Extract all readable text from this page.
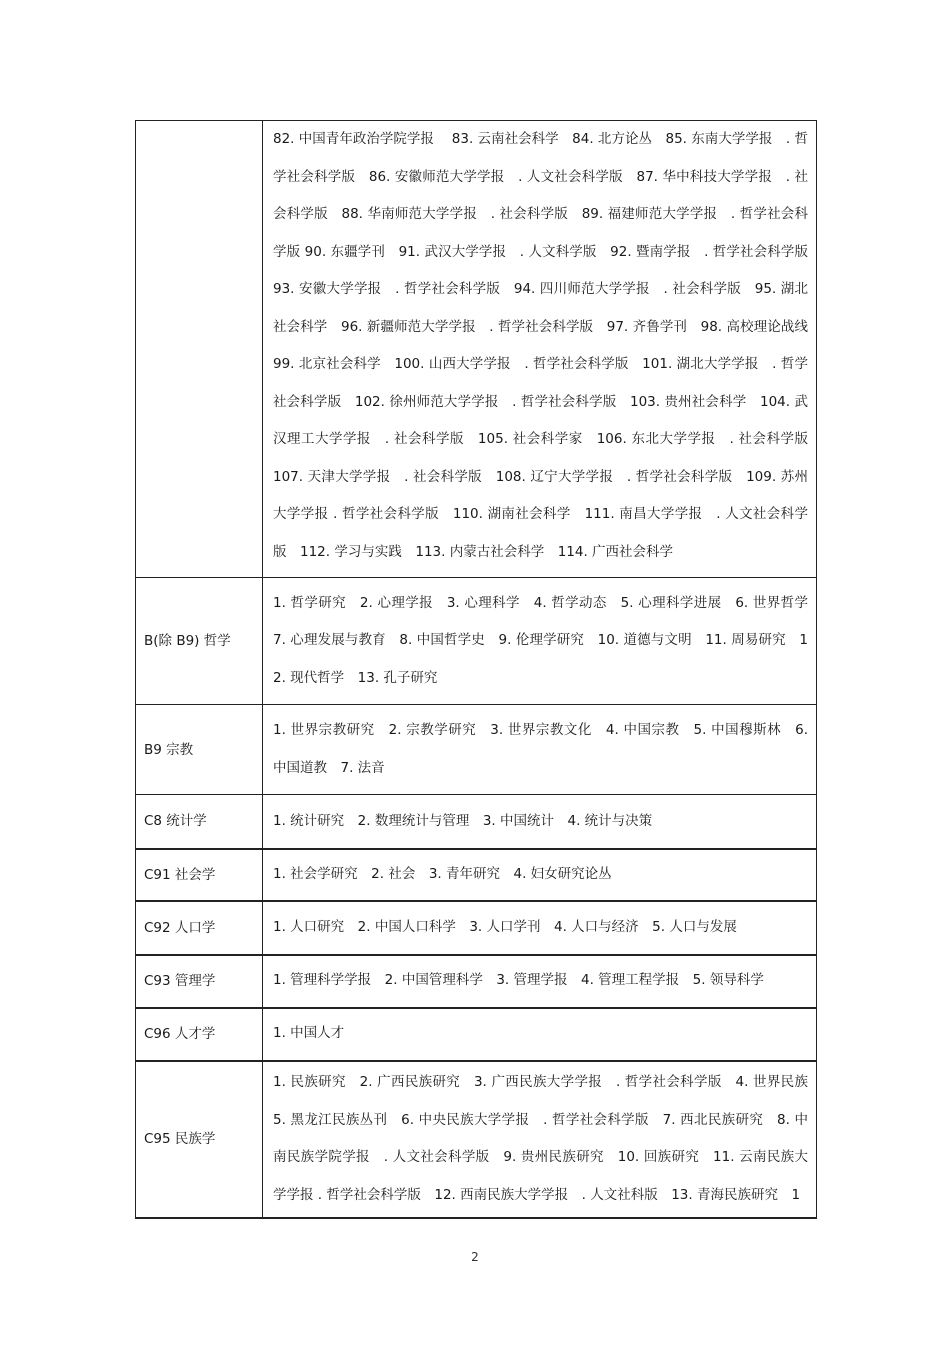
	82. 中国青年政治学院学报　 83. 云南社会科学　84. 北方论丛　85. 东南大学学报　. 哲学社会科学版　86. 安徽师范大学学报　. 人文社会科学版　87. 华中科技大学学报　. 社会科学版　88. 华南师范大学学报　. 社会科学版　89. 福建师范大学学报　. 哲学社会科学版 90. 东疆学刊　91. 武汉大学学报　. 人文科学版　92. 暨南学报　. 哲学社会科学版　93. 安徽大学学报　. 哲学社会科学版　94. 四川师范大学学报　. 社会科学版　95. 湖北社会科学　96. 新疆师范大学学报　. 哲学社会科学版　97. 齐鲁学刊　98. 高校理论战线　99. 北京社会科学　100. 山西大学学报　. 哲学社会科学版　101. 湖北大学学报　. 哲学社会科学版　102. 徐州师范大学学报　. 哲学社会科学版　103. 贵州社会科学　104. 武汉理工大学学报　. 社会科学版　105. 社会科学家　106. 东北大学学报　. 社会科学版　107. 天津大学学报　. 社会科学版　108. 辽宁大学学报　. 哲学社会科学版　109. 苏州大学学报 . 哲学社会科学版　110. 湖南社会科学　111. 南昌大学学报　. 人文社会科学版　112. 学习与实践　113. 内蒙古社会科学　114. 广西社会科学
B(除 B9) 哲学	1. 哲学研究　2. 心理学报　3. 心理科学　4. 哲学动态　5. 心理科学进展　6. 世界哲学　7. 心理发展与教育　8. 中国哲学史　9. 伦理学研究　10. 道德与文明　11. 周易研究　12. 现代哲学　13. 孔子研究
B9 宗教	1. 世界宗教研究　2. 宗教学研究　3. 世界宗教文化　4. 中国宗教　5. 中国穆斯林　6. 中国道教　7. 法音
C8 统计学	1. 统计研究　2. 数理统计与管理　3. 中国统计　4. 统计与决策
C91 社会学	1. 社会学研究　2. 社会　3. 青年研究　4. 妇女研究论丛
C92 人口学	1. 人口研究　2. 中国人口科学　3. 人口学刊　4. 人口与经济　5. 人口与发展
C93 管理学	1. 管理科学学报　2. 中国管理科学　3. 管理学报　4. 管理工程学报　5. 领导科学
C96 人才学	1. 中国人才
C95 民族学	1. 民族研究　2. 广西民族研究　3. 广西民族大学学报　. 哲学社会科学版　4. 世界民族 5. 黑龙江民族丛刊　6. 中央民族大学学报　. 哲学社会科学版　7. 西北民族研究　8. 中南民族学院学报　. 人文社会科学版　9. 贵州民族研究　10. 回族研究　11. 云南民族大学学报 . 哲学社会科学版　12. 西南民族大学学报　. 人文社科版　13. 青海民族研究　1
2
